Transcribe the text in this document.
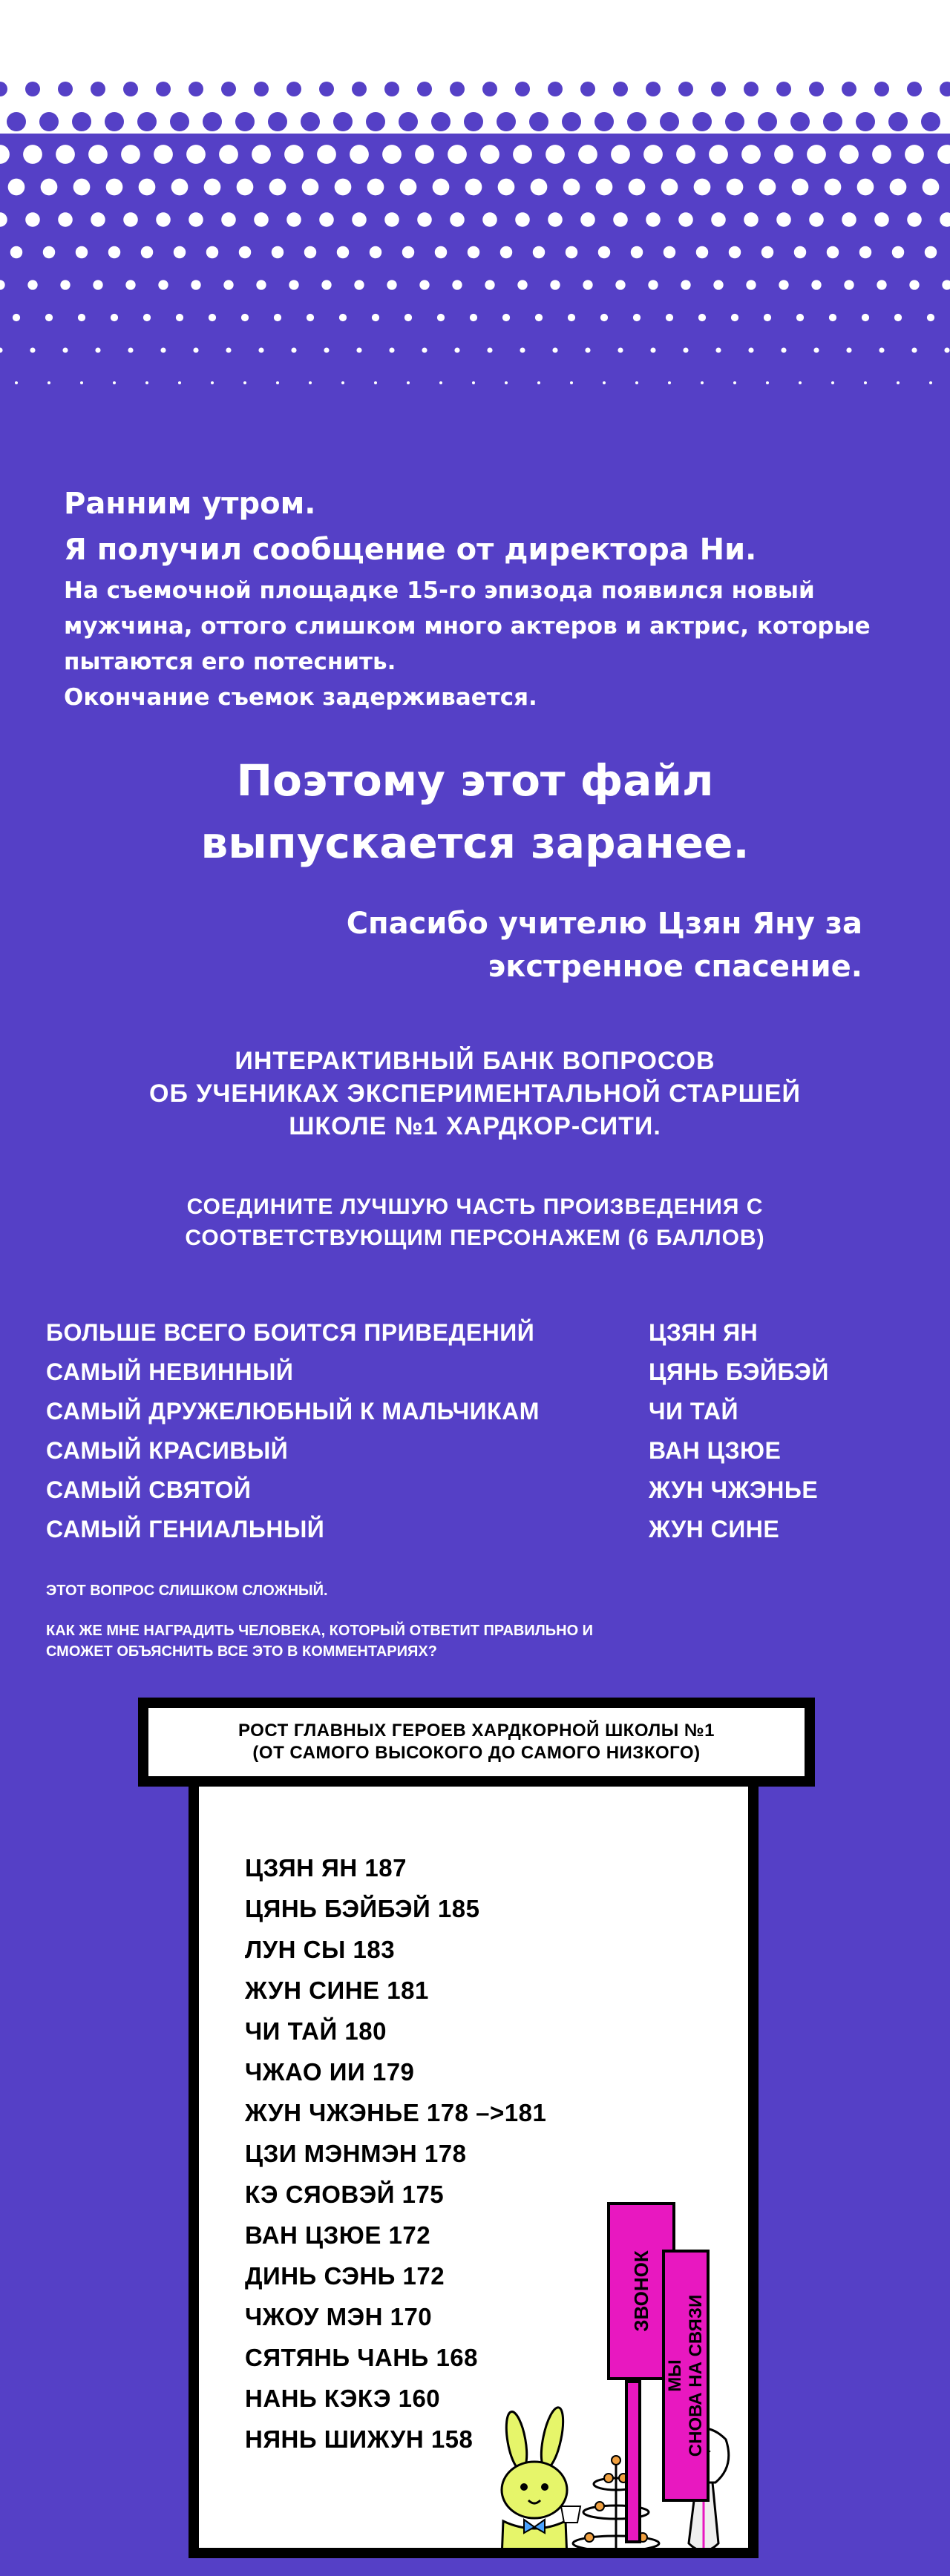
Ранним утром.
Я получил сообщение от директора Ни.
На съемочной площадке 15-го эпизода появился новый
мужчина, оттого слишком много актеров и актрис, которые
пытаются его потеснить.
Окончание съемок задерживается.
Поэтому этот файл
выпускается заранее.
Спасибо учителю Цзян Яну за
экстренное спасение.
ИНТЕРАКТИВНЫЙ БАНК ВОПРОСОВ
ОБ УЧЕНИКАХ ЭКСПЕРИМЕНТАЛЬНОЙ СТАРШЕЙ
ШКОЛЕ №1 ХАРДКОР-СИТИ.
СОЕДИНИТЕ ЛУЧШУЮ ЧАСТЬ ПРОИЗВЕДЕНИЯ С
СООТВЕТСТВУЮЩИМ ПЕРСОНАЖЕМ (6 БАЛЛОВ)
БОЛЬШЕ ВСЕГО БОИТСЯ ПРИВЕДЕНИЙ
САМЫЙ НЕВИННЫЙ
САМЫЙ ДРУЖЕЛЮБНЫЙ К МАЛЬЧИКАМ
САМЫЙ КРАСИВЫЙ
САМЫЙ СВЯТОЙ
САМЫЙ ГЕНИАЛЬНЫЙ
ЦЗЯН ЯН
ЦЯНЬ БЭЙБЭЙ
ЧИ ТАЙ
ВАН ЦЗЮЕ
ЖУН ЧЖЭНЬЕ
ЖУН СИНЕ
ЭТОТ ВОПРОС СЛИШКОМ СЛОЖНЫЙ.
КАК ЖЕ МНЕ НАГРАДИТЬ ЧЕЛОВЕКА, КОТОРЫЙ ОТВЕТИТ ПРАВИЛЬНО И
СМОЖЕТ ОБЪЯСНИТЬ ВСЕ ЭТО В КОММЕНТАРИЯХ?
РОСТ ГЛАВНЫХ ГЕРОЕВ ХАРДКОРНОЙ ШКОЛЫ №1
(ОТ САМОГО ВЫСОКОГО ДО САМОГО НИЗКОГО)
ЦЗЯН ЯН 187
ЦЯНЬ БЭЙБЭЙ 185
ЛУН СЫ 183
ЖУН СИНЕ 181
ЧИ ТАЙ 180
ЧЖАО ИИ 179
ЖУН ЧЖЭНЬЕ 178 –>181
ЦЗИ МЭНМЭН 178
КЭ СЯОВЭЙ 175
ВАН ЦЗЮЕ 172
ДИНЬ СЭНЬ 172
ЧЖОУ МЭН 170
СЯТЯНЬ ЧАНЬ 168
НАНЬ КЭКЭ 160
НЯНЬ ШИЖУН 158
ЗВОНОК
МЫ СНОВА НА СВЯЗИ
